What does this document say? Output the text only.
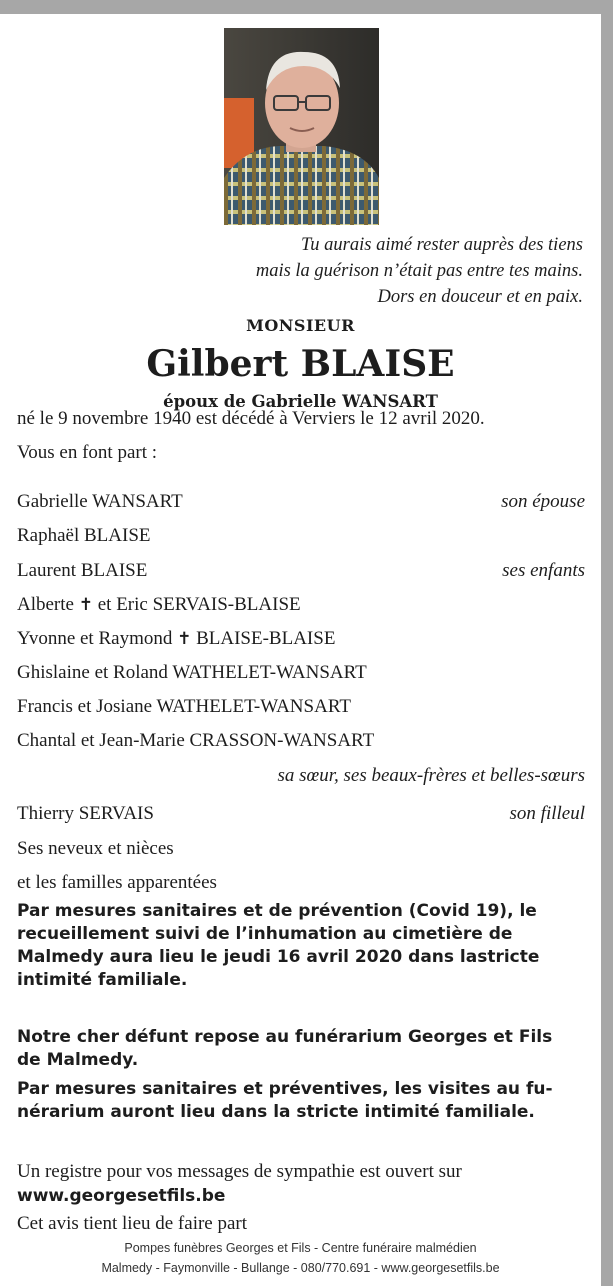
Tu aurais aimé rester auprès des tiens
mais la guérison n’était pas entre tes mains.
Dors en douceur et en paix.
MONSIEUR
Gilbert BLAISE
époux de Gabrielle WANSART
né le 9 novembre 1940 est décédé à Verviers le 12 avril 2020.
Vous en font part :
Gabrielle WANSART	son épouse
Raphaël BLAISE
Laurent BLAISE	ses enfants
Alberte ✝ et Eric SERVAIS-BLAISE
Yvonne et Raymond ✝ BLAISE-BLAISE
Ghislaine et Roland WATHELET-WANSART
Francis et Josiane WATHELET-WANSART
Chantal et Jean-Marie CRASSON-WANSART
sa sœur, ses beaux-frères et belles-sœurs
Thierry SERVAIS	son filleul
Ses neveux et nièces
et les familles apparentées
Par mesures sanitaires et de prévention (Covid 19), le
recueillement suivi de l’inhumation au cimetière de
Malmedy aura lieu le jeudi 16 avril 2020 dans lastricte
intimité familiale.
Notre cher défunt repose au funérarium Georges et Fils
de Malmedy.
Par mesures sanitaires et préventives, les visites au fu-
nérarium auront lieu dans la stricte intimité familiale.
Un registre pour vos messages de sympathie est ouvert sur
www.georgesetfils.be
Cet avis tient lieu de faire part
Pompes funèbres Georges et Fils - Centre funéraire malmédien
Malmedy - Faymonville - Bullange - 080/770.691 - www.georgesetfils.be
